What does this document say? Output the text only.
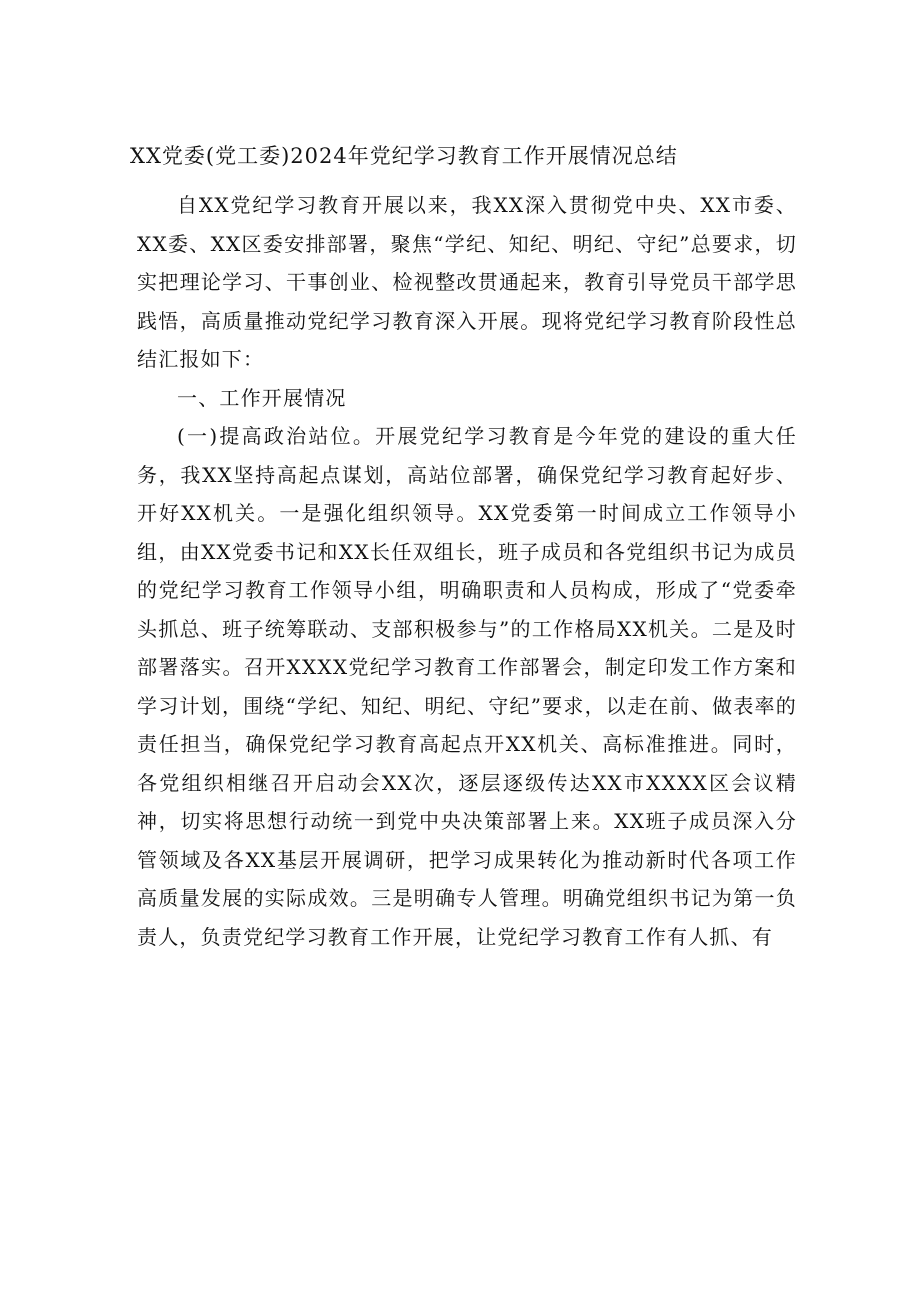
XX党委(党工委)2024年党纪学习教育工作开展情况总结

自XX党纪学习教育开展以来，我XX深入贯彻党中央、XX市委、XX委、XX区委安排部署，聚焦“学纪、知纪、明纪、守纪”总要求，切实把理论学习、干事创业、检视整改贯通起来，教育引导党员干部学思践悟，高质量推动党纪学习教育深入开展。现将党纪学习教育阶段性总结汇报如下：

一、工作开展情况

(一)提高政治站位。开展党纪学习教育是今年党的建设的重大任务，我XX坚持高起点谋划，高站位部署，确保党纪学习教育起好步、开好XX机关。一是强化组织领导。XX党委第一时间成立工作领导小组，由XX党委书记和XX长任双组长，班子成员和各党组织书记为成员的党纪学习教育工作领导小组，明确职责和人员构成，形成了“党委牵头抓总、班子统筹联动、支部积极参与”的工作格局XX机关。二是及时部署落实。召开XXXX党纪学习教育工作部署会，制定印发工作方案和学习计划，围绕“学纪、知纪、明纪、守纪”要求，以走在前、做表率的责任担当，确保党纪学习教育高起点开XX机关、高标准推进。同时，各党组织相继召开启动会XX次，逐层逐级传达XX市XXXX区会议精神，切实将思想行动统一到党中央决策部署上来。XX班子成员深入分管领域及各XX基层开展调研，把学习成果转化为推动新时代各项工作高质量发展的实际成效。三是明确专人管理。明确党组织书记为第一负责人，负责党纪学习教育工作开展，让党纪学习教育工作有人抓、有
